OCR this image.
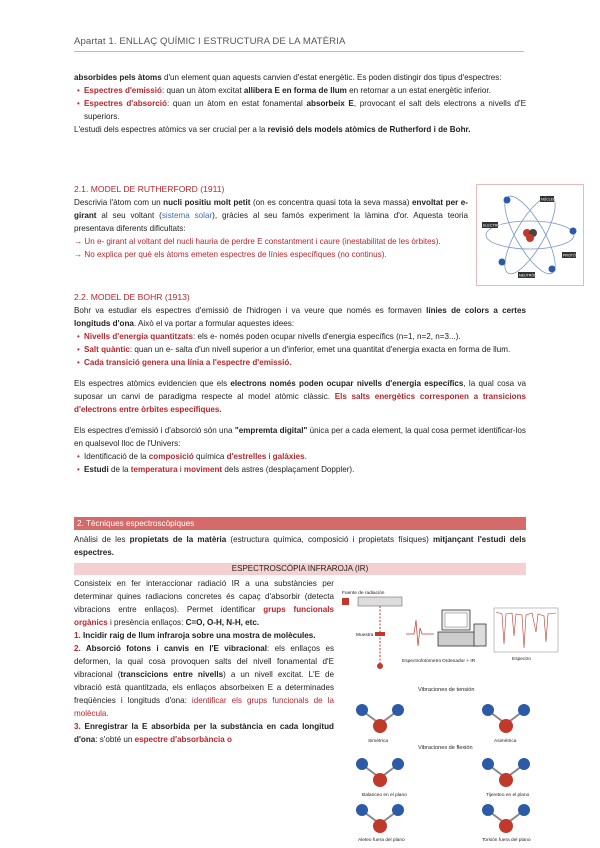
Apartat 1. ENLLAÇ QUÍMIC I ESTRUCTURA DE LA MATÈRIA

absorbides pels àtoms d'un element quan aquests canvien d'estat energètic. Es poden distingir dos tipus d'espectres:

• Espectres d'emissió: quan un àtom excitat allibera E en forma de llum en retornar a un estat energètic inferior.

• Espectres d'absorció: quan un àtom en estat fonamental absorbeix E, provocant el salt dels electrons a nivells d'E superiors.

L'estudi dels espectres atòmics va ser crucial per a la revisió dels models atòmics de Rutherford i de Bohr.

2.1. MODEL DE RUTHERFORD (1911)

Descrivia l'àtom com un nucli positiu molt petit (on es concentra quasi tota la seva massa) envoltat per e- girant al seu voltant (sistema solar), gràcies al seu famós experiment la làmina d'or. Aquesta teoria presentava diferents dificultats:

→ Un e- girant al voltant del nucli hauria de perdre E constantment i caure (inestabilitat de les òrbites).

→ No explica per què els àtoms emeten espectres de línies específiques (no continus).

NÚCLEO
ELECTRÓN
PROTÓN
NEUTRÓN

2.2. MODEL DE BOHR (1913)

Bohr va estudiar els espectres d'emissió de l'hidrogen i va veure que només es formaven línies de colors a certes longituds d'ona. Això el va portar a formular aquestes idees:

• Nivells d'energia quantitzats: els e- només poden ocupar nivells d'energia específics (n=1, n=2, n=3...).

• Salt quàntic: quan un e- salta d'un nivell superior a un d'inferior, emet una quantitat d'energia exacta en forma de llum.

• Cada transició genera una línia a l'espectre d'emissió.

Els espectres atòmics evidencien que els electrons només poden ocupar nivells d'energia específics, la qual cosa va suposar un canvi de paradigma respecte al model atòmic clàssic. Els salts energètics corresponen a transicions d'electrons entre òrbites específiques.

Els espectres d'emissió i d'absorció són una "empremta digital" única per a cada element, la qual cosa permet identificar-los en qualsevol lloc de l'Univers:

• Identificació de la composició química d'estrelles i galàxies.

• Estudi de la temperatura i moviment dels astres (desplaçament Doppler).

2. Tècniques espectroscòpiques

Anàlisi de les propietats de la matèria (estructura química, composició i propietats físiques) mitjançant l'estudi dels espectres.

ESPECTROSCÒPIA INFRAROJA (IR)

Consisteix en fer interaccionar radiació IR a una substàncies per determinar quines radiacions concretes és capaç d'absorbir (detecta vibracions entre enllaços). Permet identificar grups funcionals orgànics i presència enllaços: C=O, O-H, N-H, etc.

1. Incidir raig de llum infraroja sobre una mostra de molècules.

2. Absorció fotons i canvis en l'E vibracional: els enllaços es deformen, la qual cosa provoquen salts del nivell fonamental d'E vibracional (transcicions entre nivells) a un nivell excitat. L'E de vibració està quantitzada, els enllaços absorbeixen E a determinades freqüències i longituds d'ona: identificar els grups funcionals de la molècula.

3. Enregistrar la E absorbida per la substància en cada longitud d'ona: s'obté un espectre d'absorbància o

Fuente de radiación
Muestra
Espectrofotómetro Ordenador + IR	Espectro
Vibraciones de tensión
Simétrica	Asimétrica
Vibraciones de flexión
Balanceo en el plano	Tijereteo en el plano
Aleteo fuera del plano	Torsión fuera del plano
